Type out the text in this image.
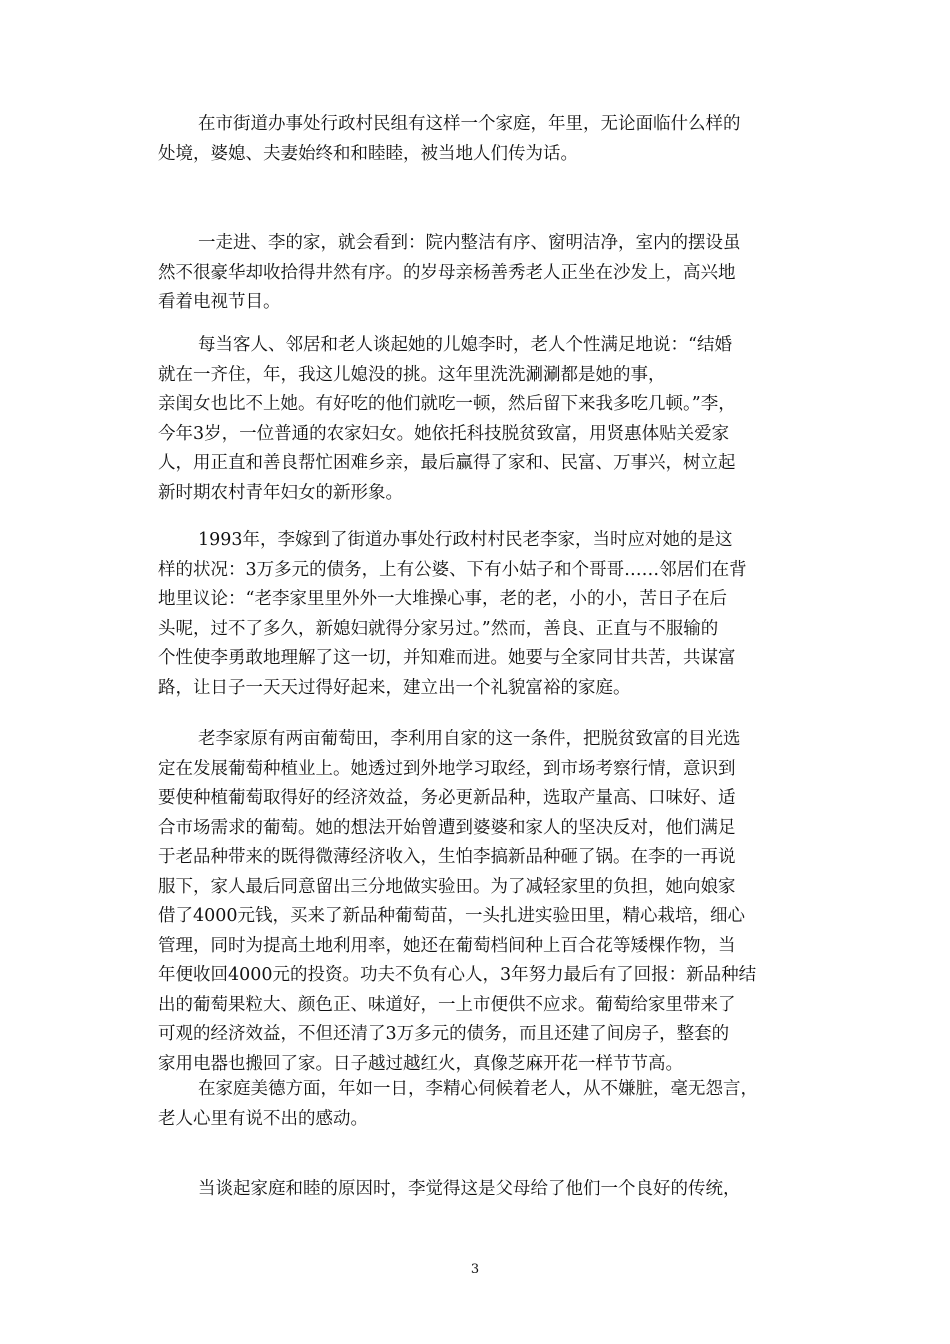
在市街道办事处行政村民组有这样一个家庭，年里，无论面临什么样的
处境，婆媳、夫妻始终和和睦睦，被当地人们传为话。
一走进、李的家，就会看到：院内整洁有序、窗明洁净，室内的摆设虽
然不很豪华却收拾得井然有序。的岁母亲杨善秀老人正坐在沙发上，高兴地
看着电视节目。
每当客人、邻居和老人谈起她的儿媳李时，老人个性满足地说：“结婚
就在一齐住，年，我这儿媳没的挑。这年里洗洗涮涮都是她的事，
亲闺女也比不上她。有好吃的他们就吃一顿，然后留下来我多吃几顿。”李，
今年3岁，一位普通的农家妇女。她依托科技脱贫致富，用贤惠体贴关爱家
人，用正直和善良帮忙困难乡亲，最后赢得了家和、民富、万事兴，树立起
新时期农村青年妇女的新形象。
1993年，李嫁到了街道办事处行政村村民老李家，当时应对她的是这
样的状况：3万多元的债务，上有公婆、下有小姑子和个哥哥……邻居们在背
地里议论：“老李家里里外外一大堆操心事，老的老，小的小，苦日子在后
头呢，过不了多久，新媳妇就得分家另过。”然而，善良、正直与不服输的
个性使李勇敢地理解了这一切，并知难而进。她要与全家同甘共苦，共谋富
路，让日子一天天过得好起来，建立出一个礼貌富裕的家庭。
老李家原有两亩葡萄田，李利用自家的这一条件，把脱贫致富的目光选
定在发展葡萄种植业上。她透过到外地学习取经，到市场考察行情，意识到
要使种植葡萄取得好的经济效益，务必更新品种，选取产量高、口味好、适
合市场需求的葡萄。她的想法开始曾遭到婆婆和家人的坚决反对，他们满足
于老品种带来的既得微薄经济收入，生怕李搞新品种砸了锅。在李的一再说
服下，家人最后同意留出三分地做实验田。为了减轻家里的负担，她向娘家
借了4000元钱，买来了新品种葡萄苗，一头扎进实验田里，精心栽培，细心
管理，同时为提高土地利用率，她还在葡萄档间种上百合花等矮棵作物，当
年便收回4000元的投资。功夫不负有心人，3年努力最后有了回报：新品种结
出的葡萄果粒大、颜色正、味道好，一上市便供不应求。葡萄给家里带来了
可观的经济效益，不但还清了3万多元的债务，而且还建了间房子，整套的
家用电器也搬回了家。日子越过越红火，真像芝麻开花一样节节高。
在家庭美德方面，年如一日，李精心伺候着老人，从不嫌脏，毫无怨言，
老人心里有说不出的感动。
当谈起家庭和睦的原因时，李觉得这是父母给了他们一个良好的传统，
3
